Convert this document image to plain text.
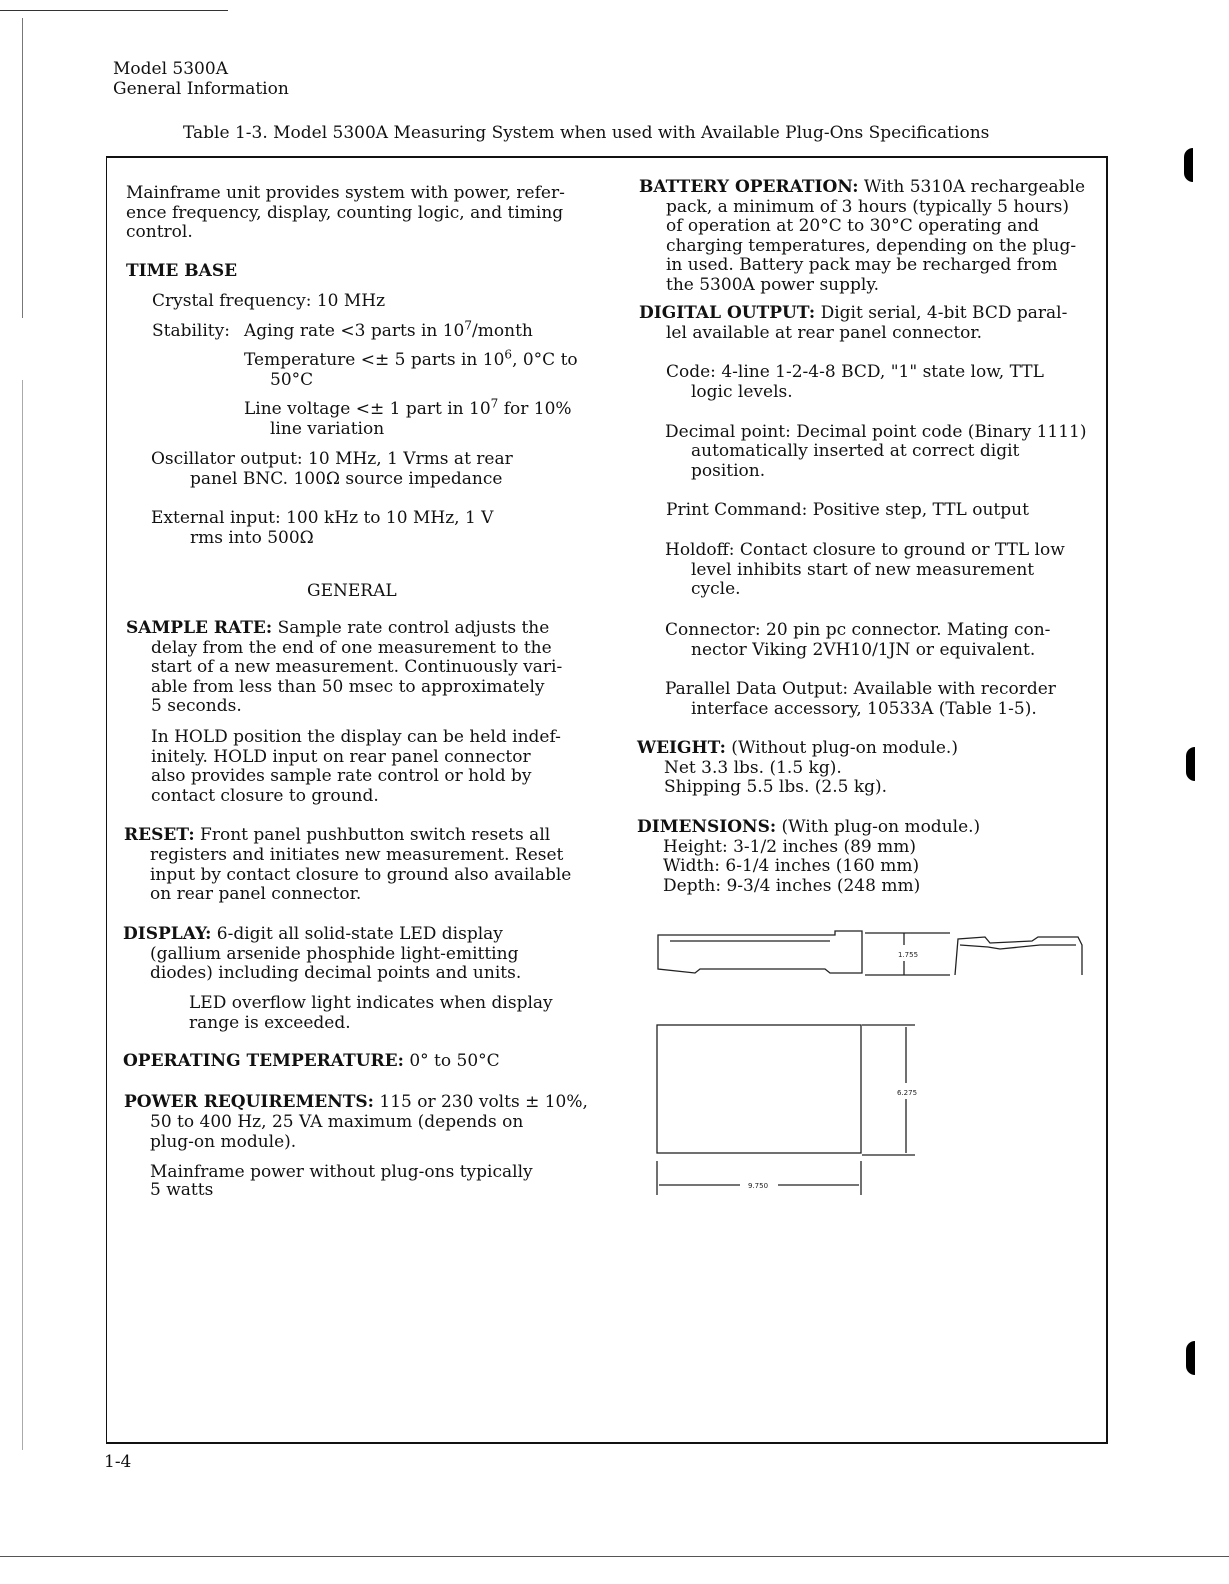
Model 5300A
General Information
Table 1-3. Model 5300A Measuring System when used with Available Plug-Ons Specifications
Mainframe unit provides system with power, refer-
ence frequency, display, counting logic, and timing
control.
TIME BASE
Crystal frequency: 10 MHz
Stability: Aging rate <3 parts in $10^7$/month
Temperature <± 5 parts in $10^6$, 0°C to
50°C
Line voltage <± 1 part in $10^7$ for 10%
line variation
Oscillator output: 10 MHz, 1 Vrms at rear
panel BNC. 100Ω source impedance
External input: 100 kHz to 10 MHz, 1 V
rms into 500Ω
GENERAL
SAMPLE RATE: Sample rate control adjusts the
delay from the end of one measurement to the
start of a new measurement. Continuously vari-
able from less than 50 msec to approximately
5 seconds.
In HOLD position the display can be held indef-
initely. HOLD input on rear panel connector
also provides sample rate control or hold by
contact closure to ground.
RESET: Front panel pushbutton switch resets all
registers and initiates new measurement. Reset
input by contact closure to ground also available
on rear panel connector.
DISPLAY: 6-digit all solid-state LED display
(gallium arsenide phosphide light-emitting
diodes) including decimal points and units.
LED overflow light indicates when display
range is exceeded.
OPERATING TEMPERATURE: 0° to 50°C
POWER REQUIREMENTS: 115 or 230 volts ± 10%,
50 to 400 Hz, 25 VA maximum (depends on
plug-on module).
Mainframe power without plug-ons typically
5 watts
BATTERY OPERATION: With 5310A rechargeable
pack, a minimum of 3 hours (typically 5 hours)
of operation at 20°C to 30°C operating and
charging temperatures, depending on the plug-
in used. Battery pack may be recharged from
the 5300A power supply.
DIGITAL OUTPUT: Digit serial, 4-bit BCD paral-
lel available at rear panel connector.
Code: 4-line 1-2-4-8 BCD, "1" state low, TTL
logic levels.
Decimal point: Decimal point code (Binary 1111)
automatically inserted at correct digit
position.
Print Command: Positive step, TTL output
Holdoff: Contact closure to ground or TTL low
level inhibits start of new measurement
cycle.
Connector: 20 pin pc connector. Mating con-
nector Viking 2VH10/1JN or equivalent.
Parallel Data Output: Available with recorder
interface accessory, 10533A (Table 1-5).
WEIGHT: (Without plug-on module.)
Net 3.3 lbs. (1.5 kg).
Shipping 5.5 lbs. (2.5 kg).
DIMENSIONS: (With plug-on module.)
Height: 3-1/2 inches (89 mm)
Width: 6-1/4 inches (160 mm)
Depth: 9-3/4 inches (248 mm)
1.755
6.275
9.750
1-4
